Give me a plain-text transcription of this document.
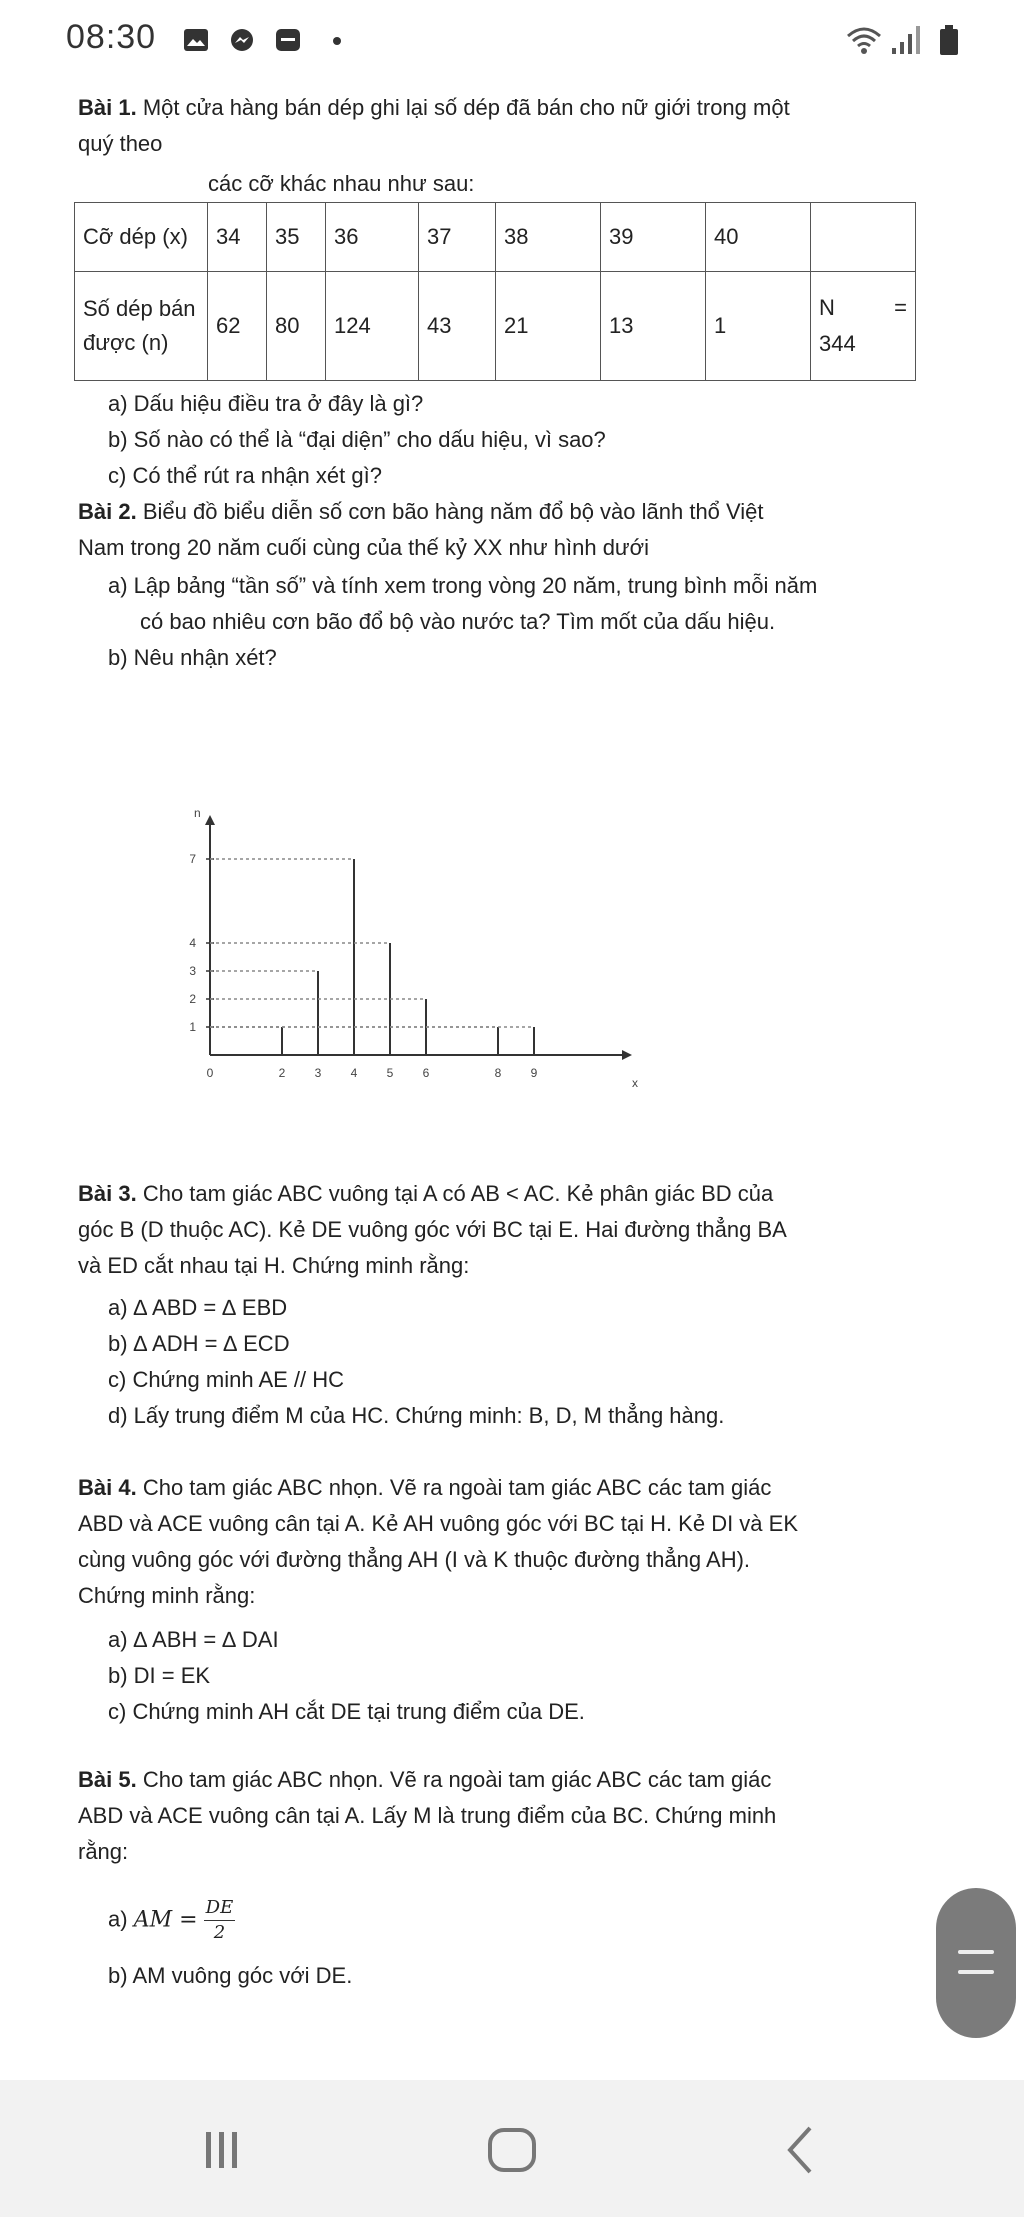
08:30
Bài 1. Một cửa hàng bán dép ghi lại số dép đã bán cho nữ giới trong một
quý theo
các cỡ khác nhau như sau:
Cỡ dép (x)	34	35	36	37	38	39	40	
Số dép bán được (n)	62	80	124	43	21	13	1	N =
344
a) Dấu hiệu điều tra ở đây là gì?
b) Số nào có thể là “đại diện” cho dấu hiệu, vì sao?
c) Có thể rút ra nhận xét gì?
Bài 2. Biểu đồ biểu diễn số cơn bão hàng năm đổ bộ vào lãnh thổ Việt
Nam trong 20 năm cuối cùng của thế kỷ XX như hình dưới
a) Lập bảng “tần số” và tính xem trong vòng 20 năm, trung bình mỗi năm
có bao nhiêu cơn bão đổ bộ vào nước ta? Tìm mốt của dấu hiệu.
b) Nêu nhận xét?
Bài 3. Cho tam giác ABC vuông tại A có AB < AC. Kẻ phân giác BD của
góc B (D thuộc AC). Kẻ DE vuông góc với BC tại E. Hai đường thẳng BA
và ED cắt nhau tại H. Chứng minh rằng:
a) ∆ ABD = ∆ EBD
b) ∆ ADH = ∆ ECD
c) Chứng minh AE // HC
d) Lấy trung điểm M của HC. Chứng minh: B, D, M thẳng hàng.
Bài 4. Cho tam giác ABC nhọn. Vẽ ra ngoài tam giác ABC các tam giác
ABD và ACE vuông cân tại A. Kẻ AH vuông góc với BC tại H. Kẻ DI và EK
cùng vuông góc với đường thẳng AH (I và K thuộc đường thẳng AH).
Chứng minh rằng:
a) ∆ ABH = ∆ DAI
b) DI = EK
c) Chứng minh AH cắt DE tại trung điểm của DE.
Bài 5. Cho tam giác ABC nhọn. Vẽ ra ngoài tam giác ABC các tam giác
ABD và ACE vuông cân tại A. Lấy M là trung điểm của BC. Chứng minh
rằng:
a) AM = $\frac{DE}{2}$
b) AM vuông góc với DE.
n
x
1
2
3
4
7
0	2 3 4 5 6	8 9
